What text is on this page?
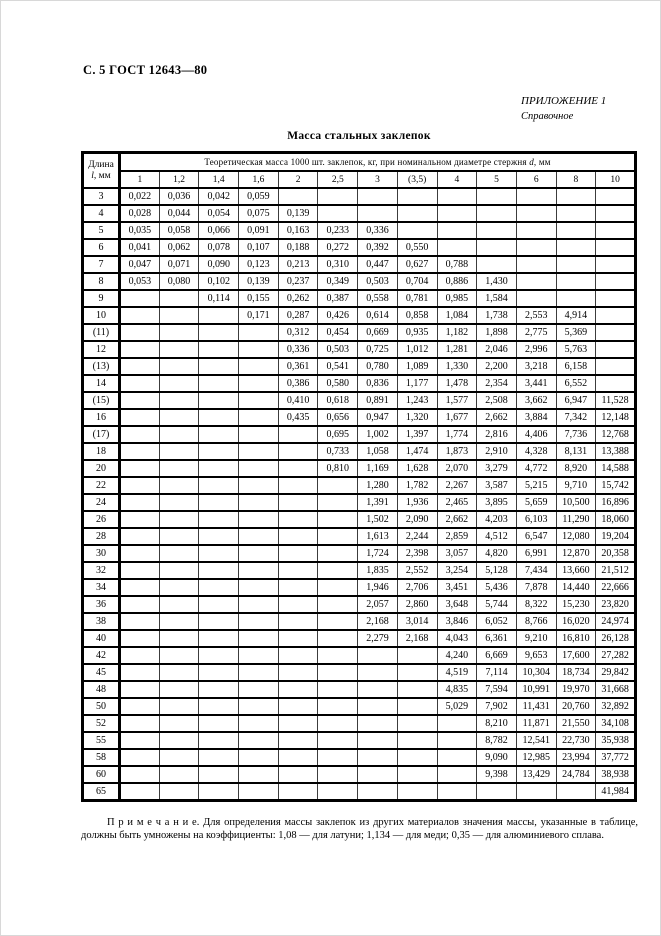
С. 5 ГОСТ 12643—80
ПРИЛОЖЕНИЕ 1
Справочное
Масса стальных заклепок
Длина
l, мм	Теоретическая масса 1000 шт. заклепок, кг, при номинальном диаметре стержня d, мм												
	1	1,2	1,4	1,6	2	2,5	3	(3,5)	4	5	6	8	10
3	0,022	0,036	0,042	0,059									
4	0,028	0,044	0,054	0,075	0,139								
5	0,035	0,058	0,066	0,091	0,163	0,233	0,336						
6	0,041	0,062	0,078	0,107	0,188	0,272	0,392	0,550					
7	0,047	0,071	0,090	0,123	0,213	0,310	0,447	0,627	0,788				
8	0,053	0,080	0,102	0,139	0,237	0,349	0,503	0,704	0,886	1,430			
9			0,114	0,155	0,262	0,387	0,558	0,781	0,985	1,584			
10				0,171	0,287	0,426	0,614	0,858	1,084	1,738	2,553	4,914	
(11)					0,312	0,454	0,669	0,935	1,182	1,898	2,775	5,369	
12					0,336	0,503	0,725	1,012	1,281	2,046	2,996	5,763	
(13)					0,361	0,541	0,780	1,089	1,330	2,200	3,218	6,158	
14					0,386	0,580	0,836	1,177	1,478	2,354	3,441	6,552	
(15)					0,410	0,618	0,891	1,243	1,577	2,508	3,662	6,947	11,528
16					0,435	0,656	0,947	1,320	1,677	2,662	3,884	7,342	12,148
(17)						0,695	1,002	1,397	1,774	2,816	4,406	7,736	12,768
18						0,733	1,058	1,474	1,873	2,910	4,328	8,131	13,388
20						0,810	1,169	1,628	2,070	3,279	4,772	8,920	14,588
22							1,280	1,782	2,267	3,587	5,215	9,710	15,742
24							1,391	1,936	2,465	3,895	5,659	10,500	16,896
26							1,502	2,090	2,662	4,203	6,103	11,290	18,060
28							1,613	2,244	2,859	4,512	6,547	12,080	19,204
30							1,724	2,398	3,057	4,820	6,991	12,870	20,358
32							1,835	2,552	3,254	5,128	7,434	13,660	21,512
34							1,946	2,706	3,451	5,436	7,878	14,440	22,666
36							2,057	2,860	3,648	5,744	8,322	15,230	23,820
38							2,168	3,014	3,846	6,052	8,766	16,020	24,974
40							2,279	2,168	4,043	6,361	9,210	16,810	26,128
42									4,240	6,669	9,653	17,600	27,282
45									4,519	7,114	10,304	18,734	29,842
48									4,835	7,594	10,991	19,970	31,668
50									5,029	7,902	11,431	20,760	32,892
52										8,210	11,871	21,550	34,108
55										8,782	12,541	22,730	35,938
58										9,090	12,985	23,994	37,772
60										9,398	13,429	24,784	38,938
65													41,984

П р и м е ч а н и е. Для определения массы заклепок из других материалов значения массы, указанные в таблице, должны быть умножены на коэффициенты: 1,08 — для латуни; 1,134 — для меди; 0,35 — для алюминиевого сплава.
